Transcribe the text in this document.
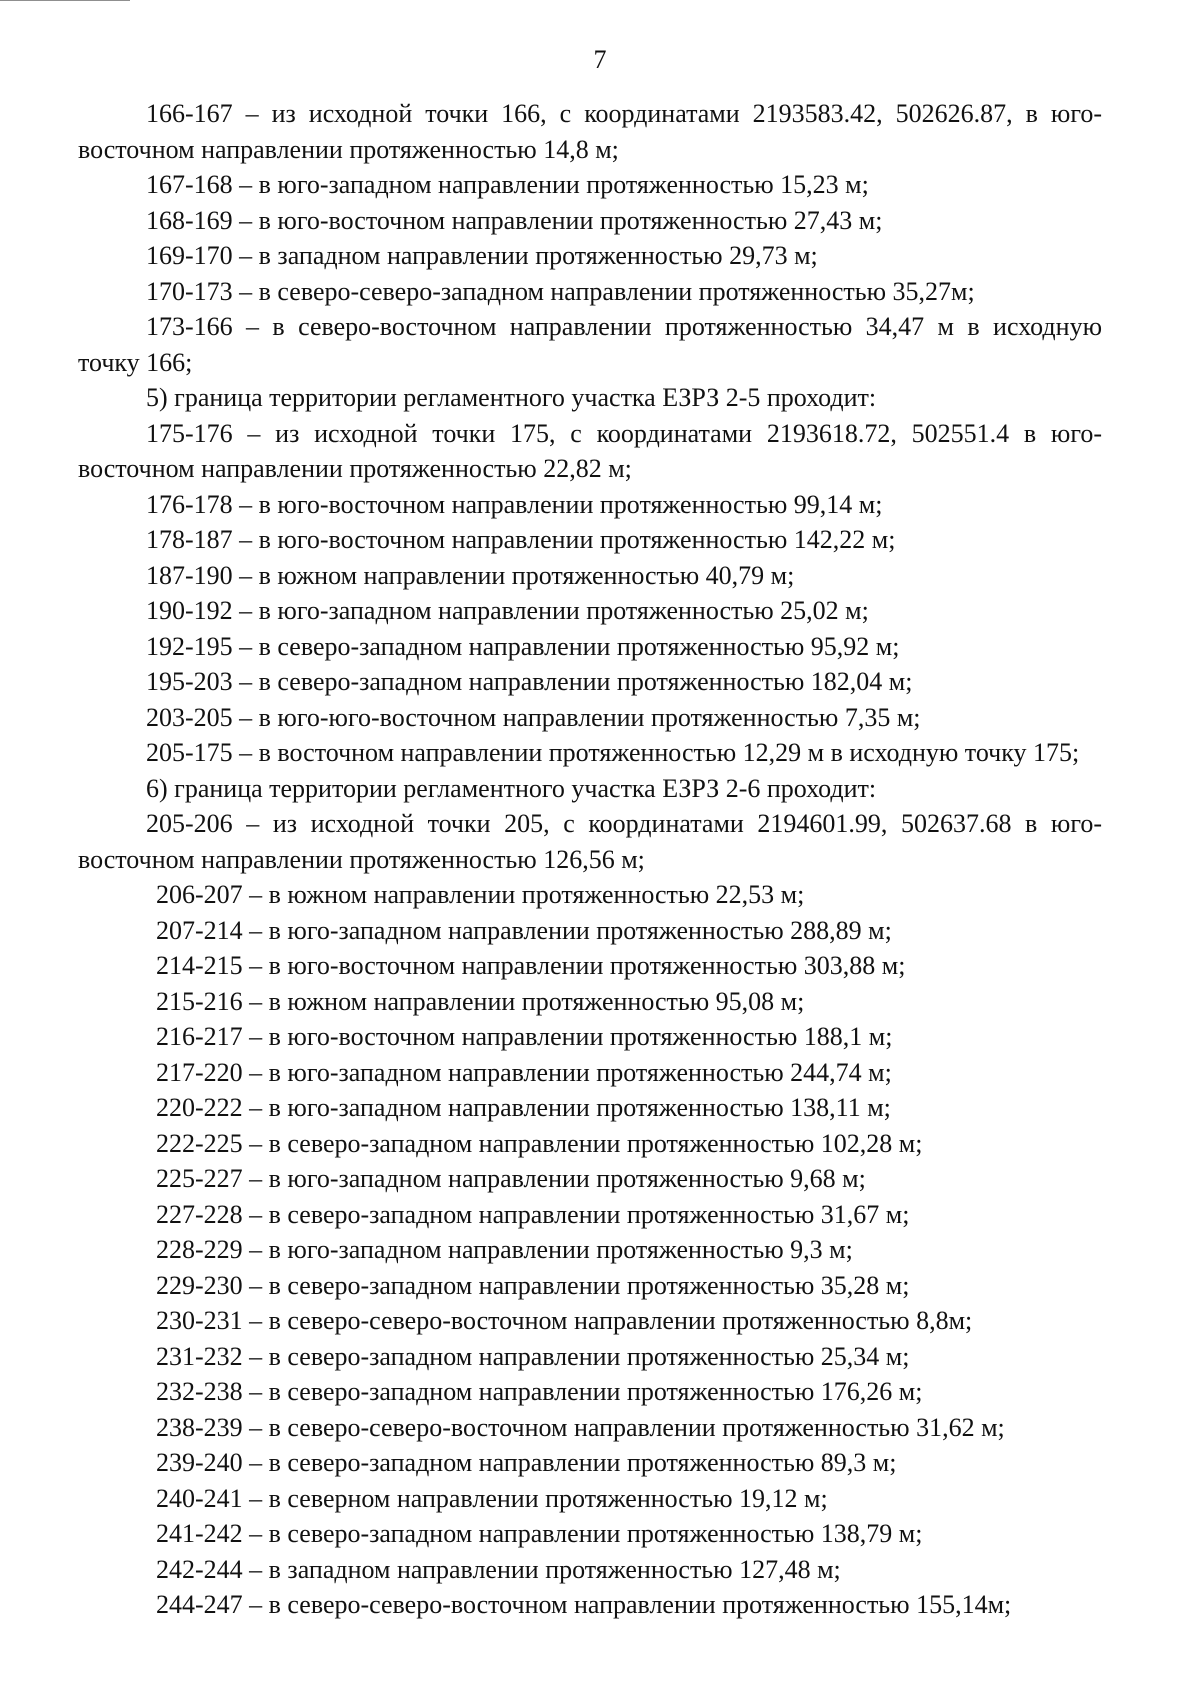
7

166-167 – из исходной точки 166, с координатами 2193583.42, 502626.87, в юго-восточном направлении протяженностью 14,8 м;

167-168 – в юго-западном направлении протяженностью 15,23 м;

168-169 – в юго-восточном направлении протяженностью 27,43 м;

169-170 – в западном направлении протяженностью 29,73 м;

170-173 – в северо-северо-западном направлении протяженностью 35,27м;

173-166 – в северо-восточном направлении протяженностью 34,47 м в исходную точку 166;

5) граница территории регламентного участка ЕЗРЗ 2-5 проходит:

175-176 – из исходной точки 175, с координатами 2193618.72, 502551.4 в юго-восточном направлении протяженностью 22,82 м;

176-178 – в юго-восточном направлении протяженностью 99,14 м;

178-187 – в юго-восточном направлении протяженностью 142,22 м;

187-190 – в южном направлении протяженностью 40,79 м;

190-192 – в юго-западном направлении протяженностью 25,02 м;

192-195 – в северо-западном направлении протяженностью 95,92 м;

195-203 – в северо-западном направлении протяженностью 182,04 м;

203-205 – в юго-юго-восточном направлении протяженностью 7,35 м;

205-175 – в восточном направлении протяженностью 12,29 м в исходную точку 175;

6) граница территории регламентного участка ЕЗРЗ 2-6 проходит:

205-206 – из исходной точки 205, с координатами 2194601.99, 502637.68 в юго-восточном направлении протяженностью 126,56 м;

206-207 – в южном направлении протяженностью 22,53 м;

207-214 – в юго-западном направлении протяженностью 288,89 м;

214-215 – в юго-восточном направлении протяженностью 303,88 м;

215-216 – в южном направлении протяженностью 95,08 м;

216-217 – в юго-восточном направлении протяженностью 188,1 м;

217-220 – в юго-западном направлении протяженностью 244,74 м;

220-222 – в юго-западном направлении протяженностью 138,11 м;

222-225 – в северо-западном направлении протяженностью 102,28 м;

225-227 – в юго-западном направлении протяженностью 9,68 м;

227-228 – в северо-западном направлении протяженностью 31,67 м;

228-229 – в юго-западном направлении протяженностью 9,3 м;

229-230 – в северо-западном направлении протяженностью 35,28 м;

230-231 – в северо-северо-восточном направлении протяженностью 8,8м;

231-232 – в северо-западном направлении протяженностью 25,34 м;

232-238 – в северо-западном направлении протяженностью 176,26 м;

238-239 – в северо-северо-восточном направлении протяженностью 31,62 м;

239-240 – в северо-западном направлении протяженностью 89,3 м;

240-241 – в северном направлении протяженностью 19,12 м;

241-242 – в северо-западном направлении протяженностью 138,79 м;

242-244 – в западном направлении протяженностью 127,48 м;

244-247 – в северо-северо-восточном направлении протяженностью 155,14м;
